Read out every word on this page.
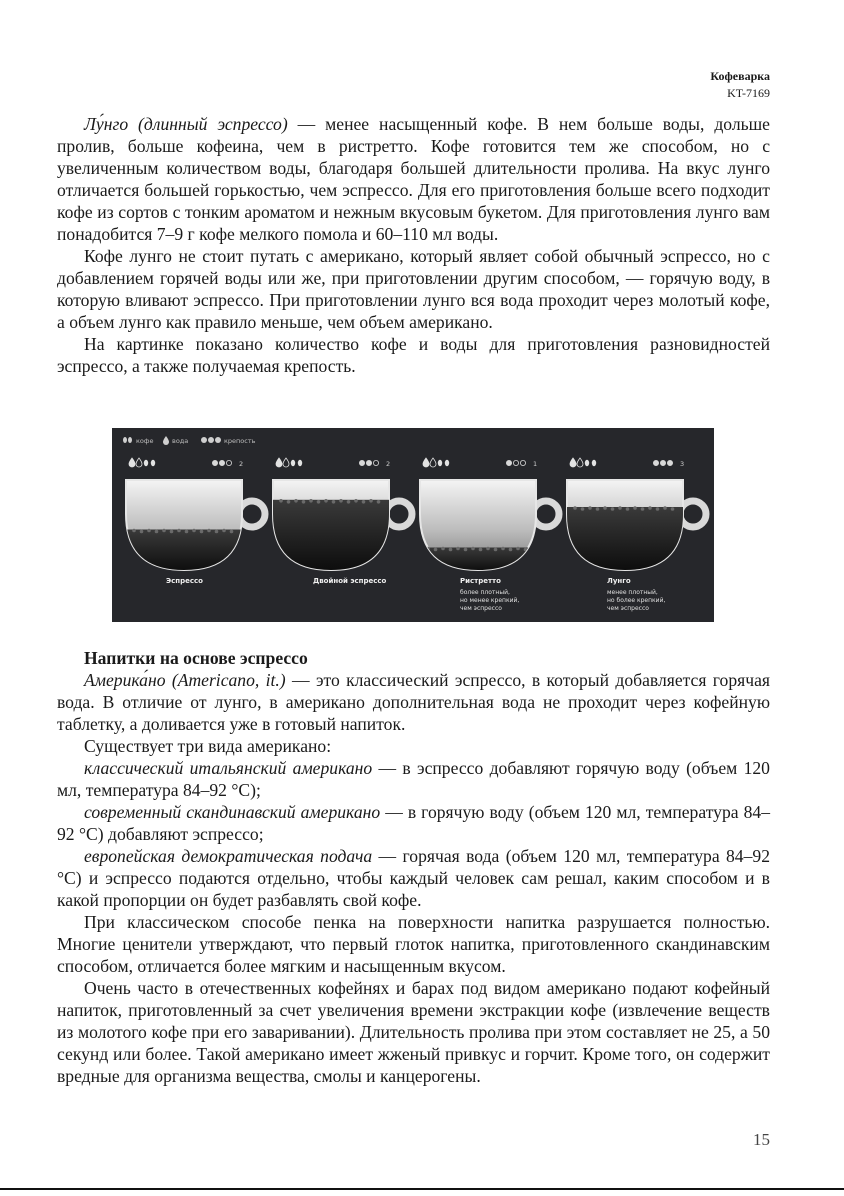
Кофеварка
KT-7169

Лу́нго (длинный эспрессо) — менее насыщенный кофе. В нем больше воды, дольше пролив, больше кофеина, чем в ристретто. Кофе готовится тем же способом, но с увеличенным количеством воды, благодаря большей длительности пролива. На вкус лунго отличается большей горькостью, чем эспрессо. Для его приготовления больше всего подходит кофе из сортов с тонким ароматом и нежным вкусовым букетом. Для приготовления лунго вам понадобится 7–9 г кофе мелкого помола и 60–110 мл воды.

Кофе лунго не стоит путать с американо, который являет собой обычный эспрессо, но с добавлением горячей воды или же, при приготовлении другим способом, — горячую воду, в которую вливают эспрессо. При приготовлении лунго вся вода проходит через молотый кофе, а объем лунго как правило меньше, чем объем американо.

На картинке показано количество кофе и воды для приготовления разновидностей эспрессо, а также получаемая крепость.

кофе	вода	крепость
2
Эспрессо
2
Двойной эспрессо
1
Ристретто
более плотный,
но менее крепкий,
чем эспрессо
3
Лунго
менее плотный,
но более крепкий,
чем эспрессо

Напитки на основе эспрессо

Америка́но (Americano, it.) — это классический эспрессо, в который добавляется горячая вода. В отличие от лунго, в американо дополнительная вода не проходит через кофейную таблетку, а доливается уже в готовый напиток.

Существует три вида американо:

классический итальянский американо — в эспрессо добавляют горячую воду (объем 120 мл, температура 84–92 °С);

современный скандинавский американо — в горячую воду (объем 120 мл, температура 84–92 °С) добавляют эспрессо;

европейская демократическая подача — горячая вода (объем 120 мл, температура 84–92 °С) и эспрессо подаются отдельно, чтобы каждый человек сам решал, каким способом и в какой пропорции он будет разбавлять свой кофе.

При классическом способе пенка на поверхности напитка разрушается полностью. Многие ценители утверждают, что первый глоток напитка, приготовленного скандинавским способом, отличается более мягким и насыщенным вкусом.

Очень часто в отечественных кофейнях и барах под видом американо подают кофейный напиток, приготовленный за счет увеличения времени экстракции кофе (извлечение веществ из молотого кофе при его заваривании). Длительность пролива при этом составляет не 25, а 50 секунд или более. Такой американо имеет жженый привкус и горчит. Кроме того, он содержит вредные для организма вещества, смолы и канцерогены.

15
